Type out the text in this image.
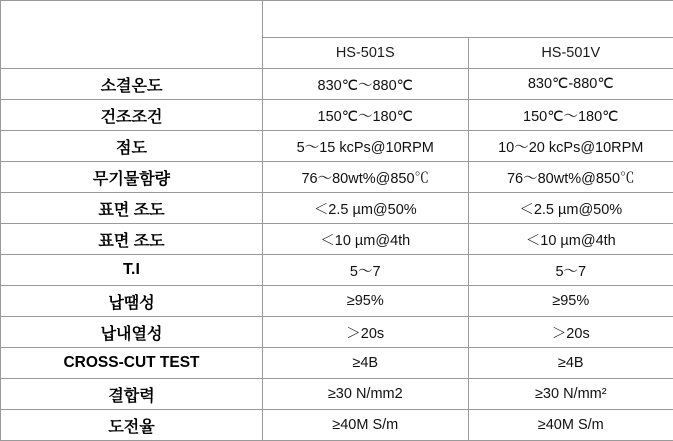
지표	제품 모델명	
	HS-501S	HS-501V
소결온도	830℃～880℃	830℃-880℃
건조조건	150℃～180℃	150℃～180℃
점도	5～15 kcPs@10RPM	10～20 kcPs@10RPM
무기물함량	76～80wt%@850℃	76～80wt%@850℃
표면 조도	＜2.5 µm@50%	＜2.5 µm@50%
표면 조도	＜10 µm@4th	＜10 µm@4th
T.I	5～7	5～7
납땜성	≥95%	≥95%
납내열성	＞20s	＞20s
CROSS-CUT TEST	≥4B	≥4B
결합력	≥30 N/mm2	≥30 N/mm²
도전율	≥40M S/m	≥40M S/m
